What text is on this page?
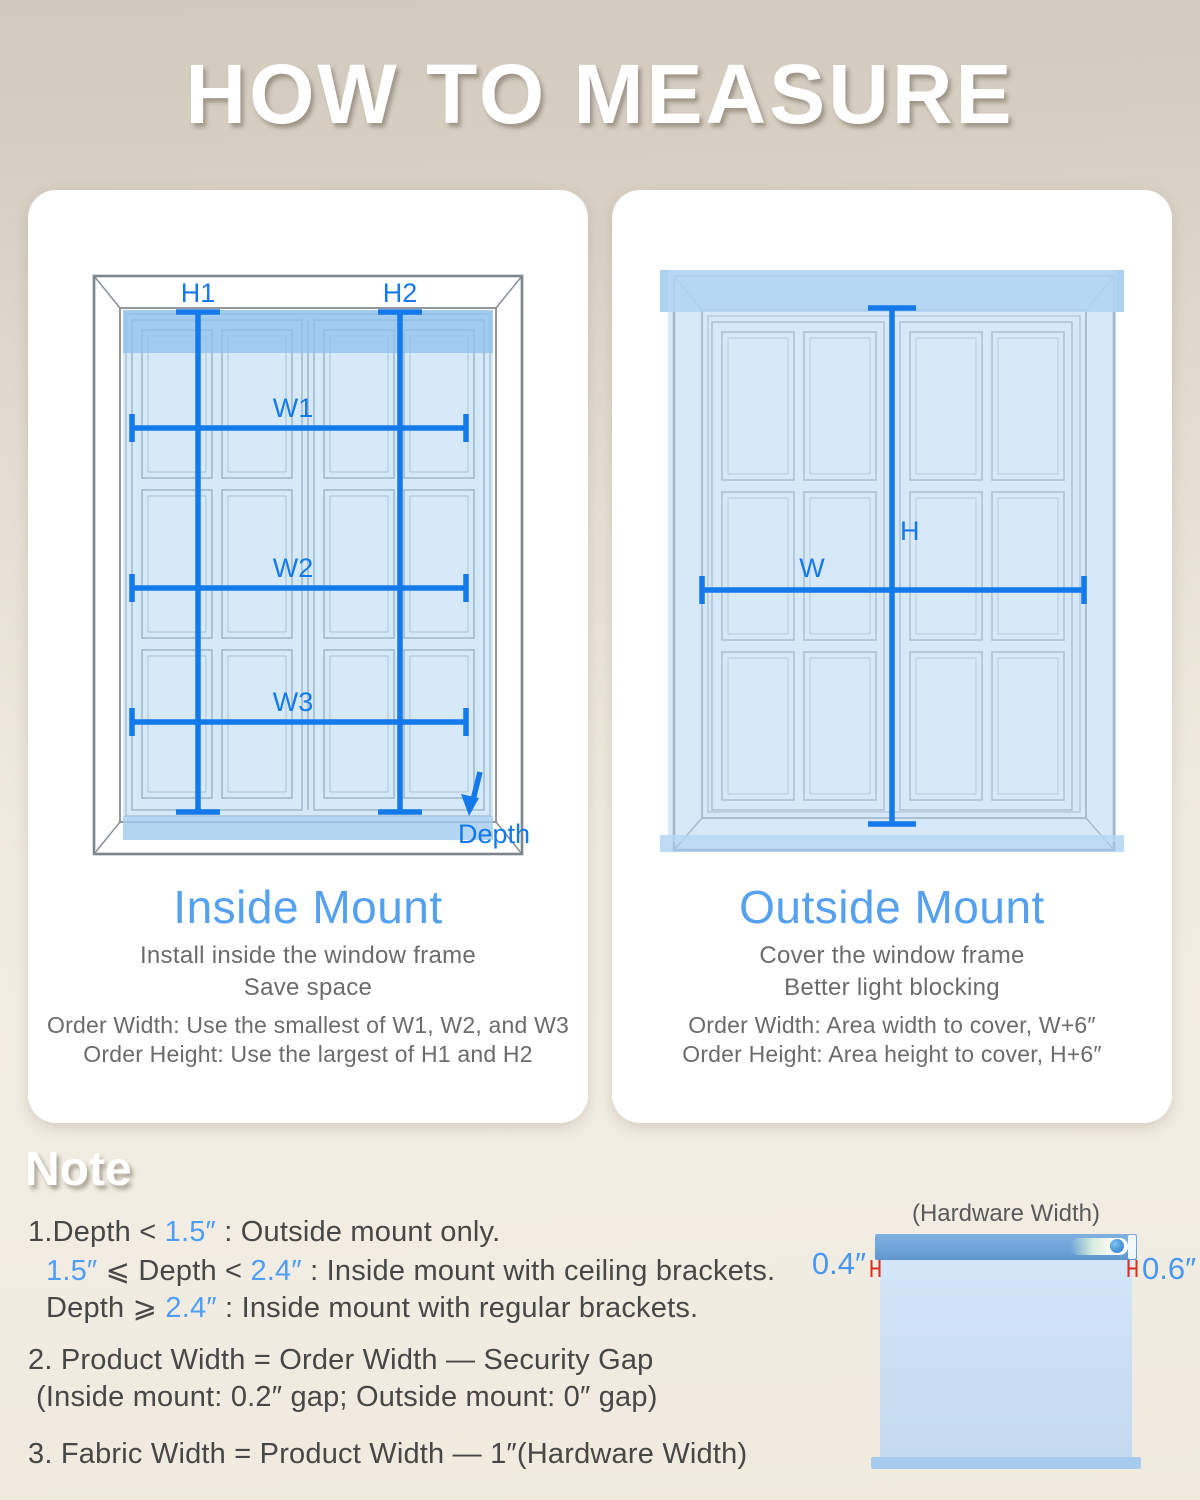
HOW TO MEASURE
H1	H2
W1
W2
W3
Depth
Inside Mount
Install inside the window frame
Save space
Order Width: Use the smallest of W1, W2, and W3
Order Height: Use the largest of H1 and H2
H
W
Outside Mount
Cover the window frame
Better light blocking
Order Width: Area width to cover, W+6″
Order Height: Area height to cover, H+6″
Note
1.Depth < 1.5″ : Outside mount only.
1.5″ ⩽ Depth < 2.4″ : Inside mount with ceiling brackets.
Depth ⩾ 2.4″ : Inside mount with regular brackets.
2. Product Width = Order Width — Security Gap
(Inside mount: 0.2″ gap; Outside mount: 0″ gap)
3. Fabric Width = Product Width — 1″(Hardware Width)
(Hardware Width)
0.4″	0.6″
